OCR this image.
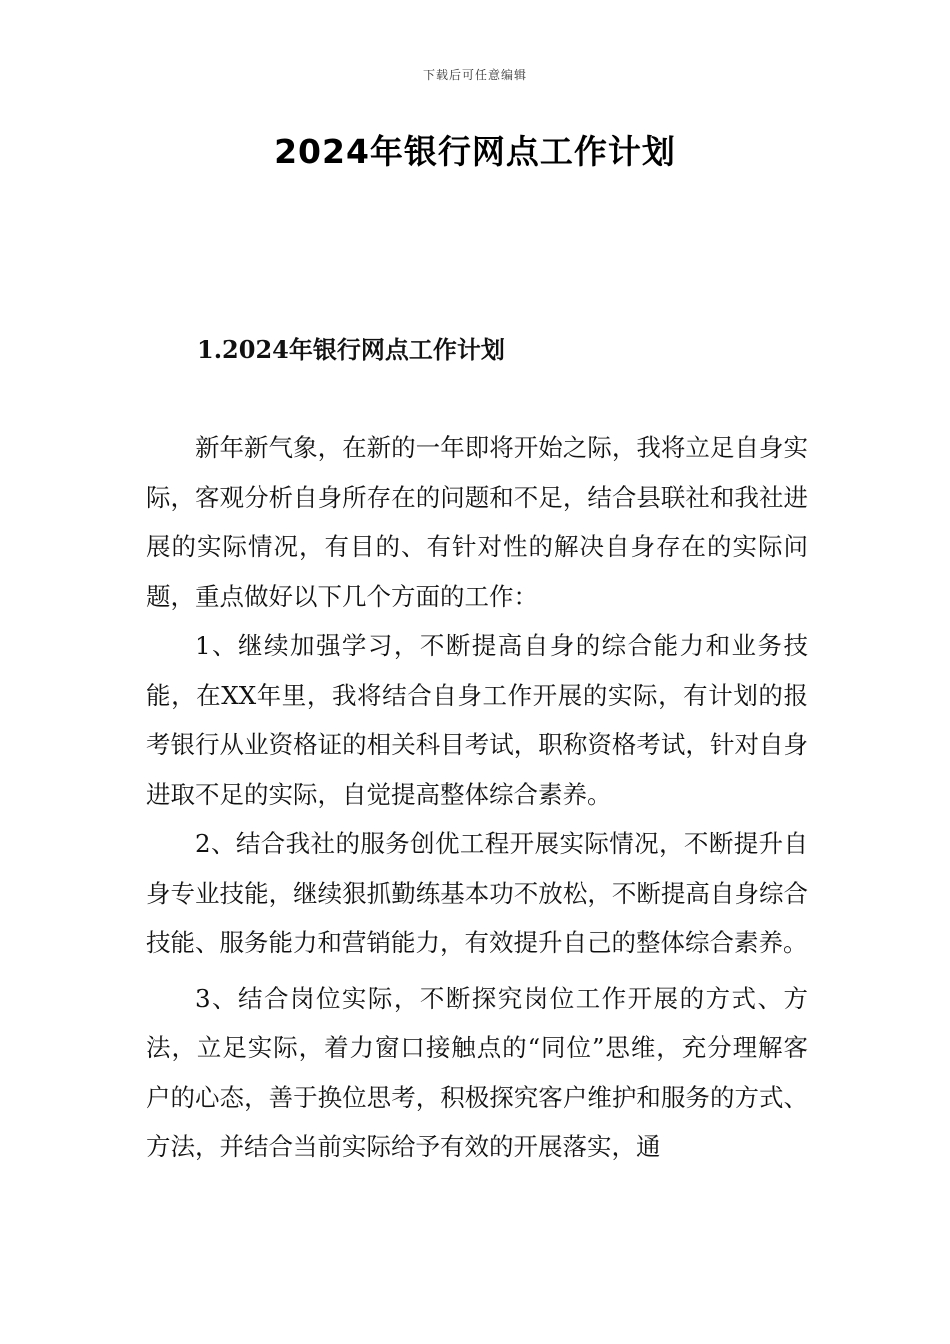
下载后可任意编辑
2024年银行网点工作计划
1.2024年银行网点工作计划

新年新气象，在新的一年即将开始之际，我将立足自身实际，客观分析自身所存在的问题和不足，结合县联社和我社进展的实际情况，有目的、有针对性的解决自身存在的实际问题，重点做好以下几个方面的工作：

1、继续加强学习，不断提高自身的综合能力和业务技能，在XX年里，我将结合自身工作开展的实际，有计划的报考银行从业资格证的相关科目考试，职称资格考试，针对自身进取不足的实际，自觉提高整体综合素养。

2、结合我社的服务创优工程开展实际情况，不断提升自身专业技能，继续狠抓勤练基本功不放松，不断提高自身综合技能、服务能力和营销能力，有效提升自己的整体综合素养。

3、结合岗位实际，不断探究岗位工作开展的方式、方法，立足实际，着力窗口接触点的“同位”思维，充分理解客户的心态，善于换位思考，积极探究客户维护和服务的方式、方法，并结合当前实际给予有效的开展落实，通
